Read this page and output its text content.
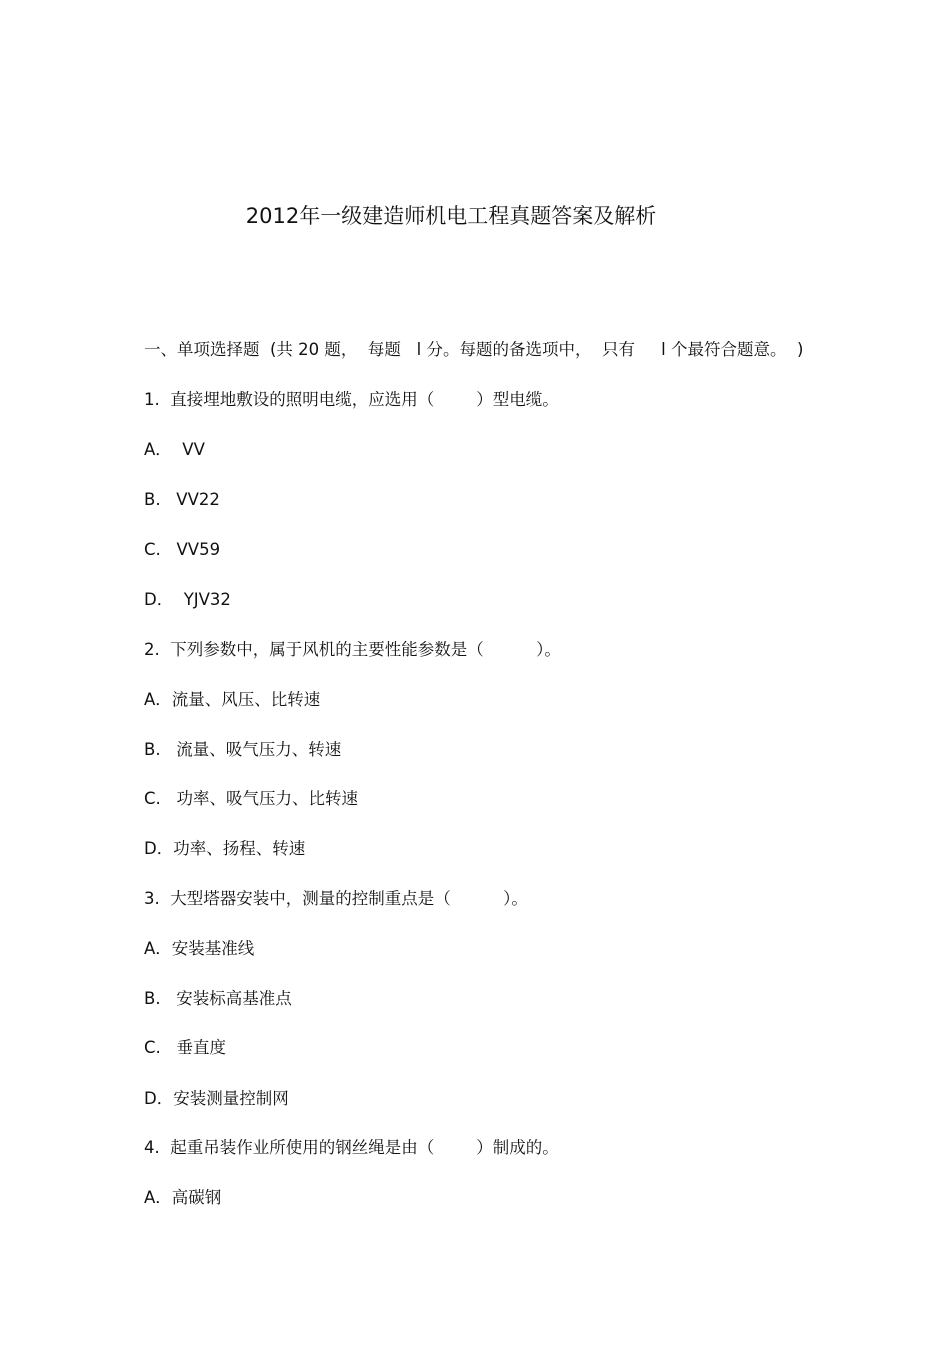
2012年一级建造师机电工程真题答案及解析
一、单项选择题  (共 20 题，  每题   l 分。每题的备选项中，  只有     l 个最符合题意。  )
1.  直接埋地敷设的照明电缆，应选用（        ）型电缆。
A．  VV
B.   VV22
C.   VV59
D．  YJV32
2.  下列参数中，属于风机的主要性能参数是（          ）。
A．流量、风压、比转速
B.   流量、吸气压力、转速
C.   功率、吸气压力、比转速
D．功率、扬程、转速
3.  大型塔器安装中，测量的控制重点是（          ）。
A．安装基准线
B.   安装标高基准点
C.   垂直度
D．安装测量控制网
4.  起重吊装作业所使用的钢丝绳是由（        ）制成的。
A．高碳钢
